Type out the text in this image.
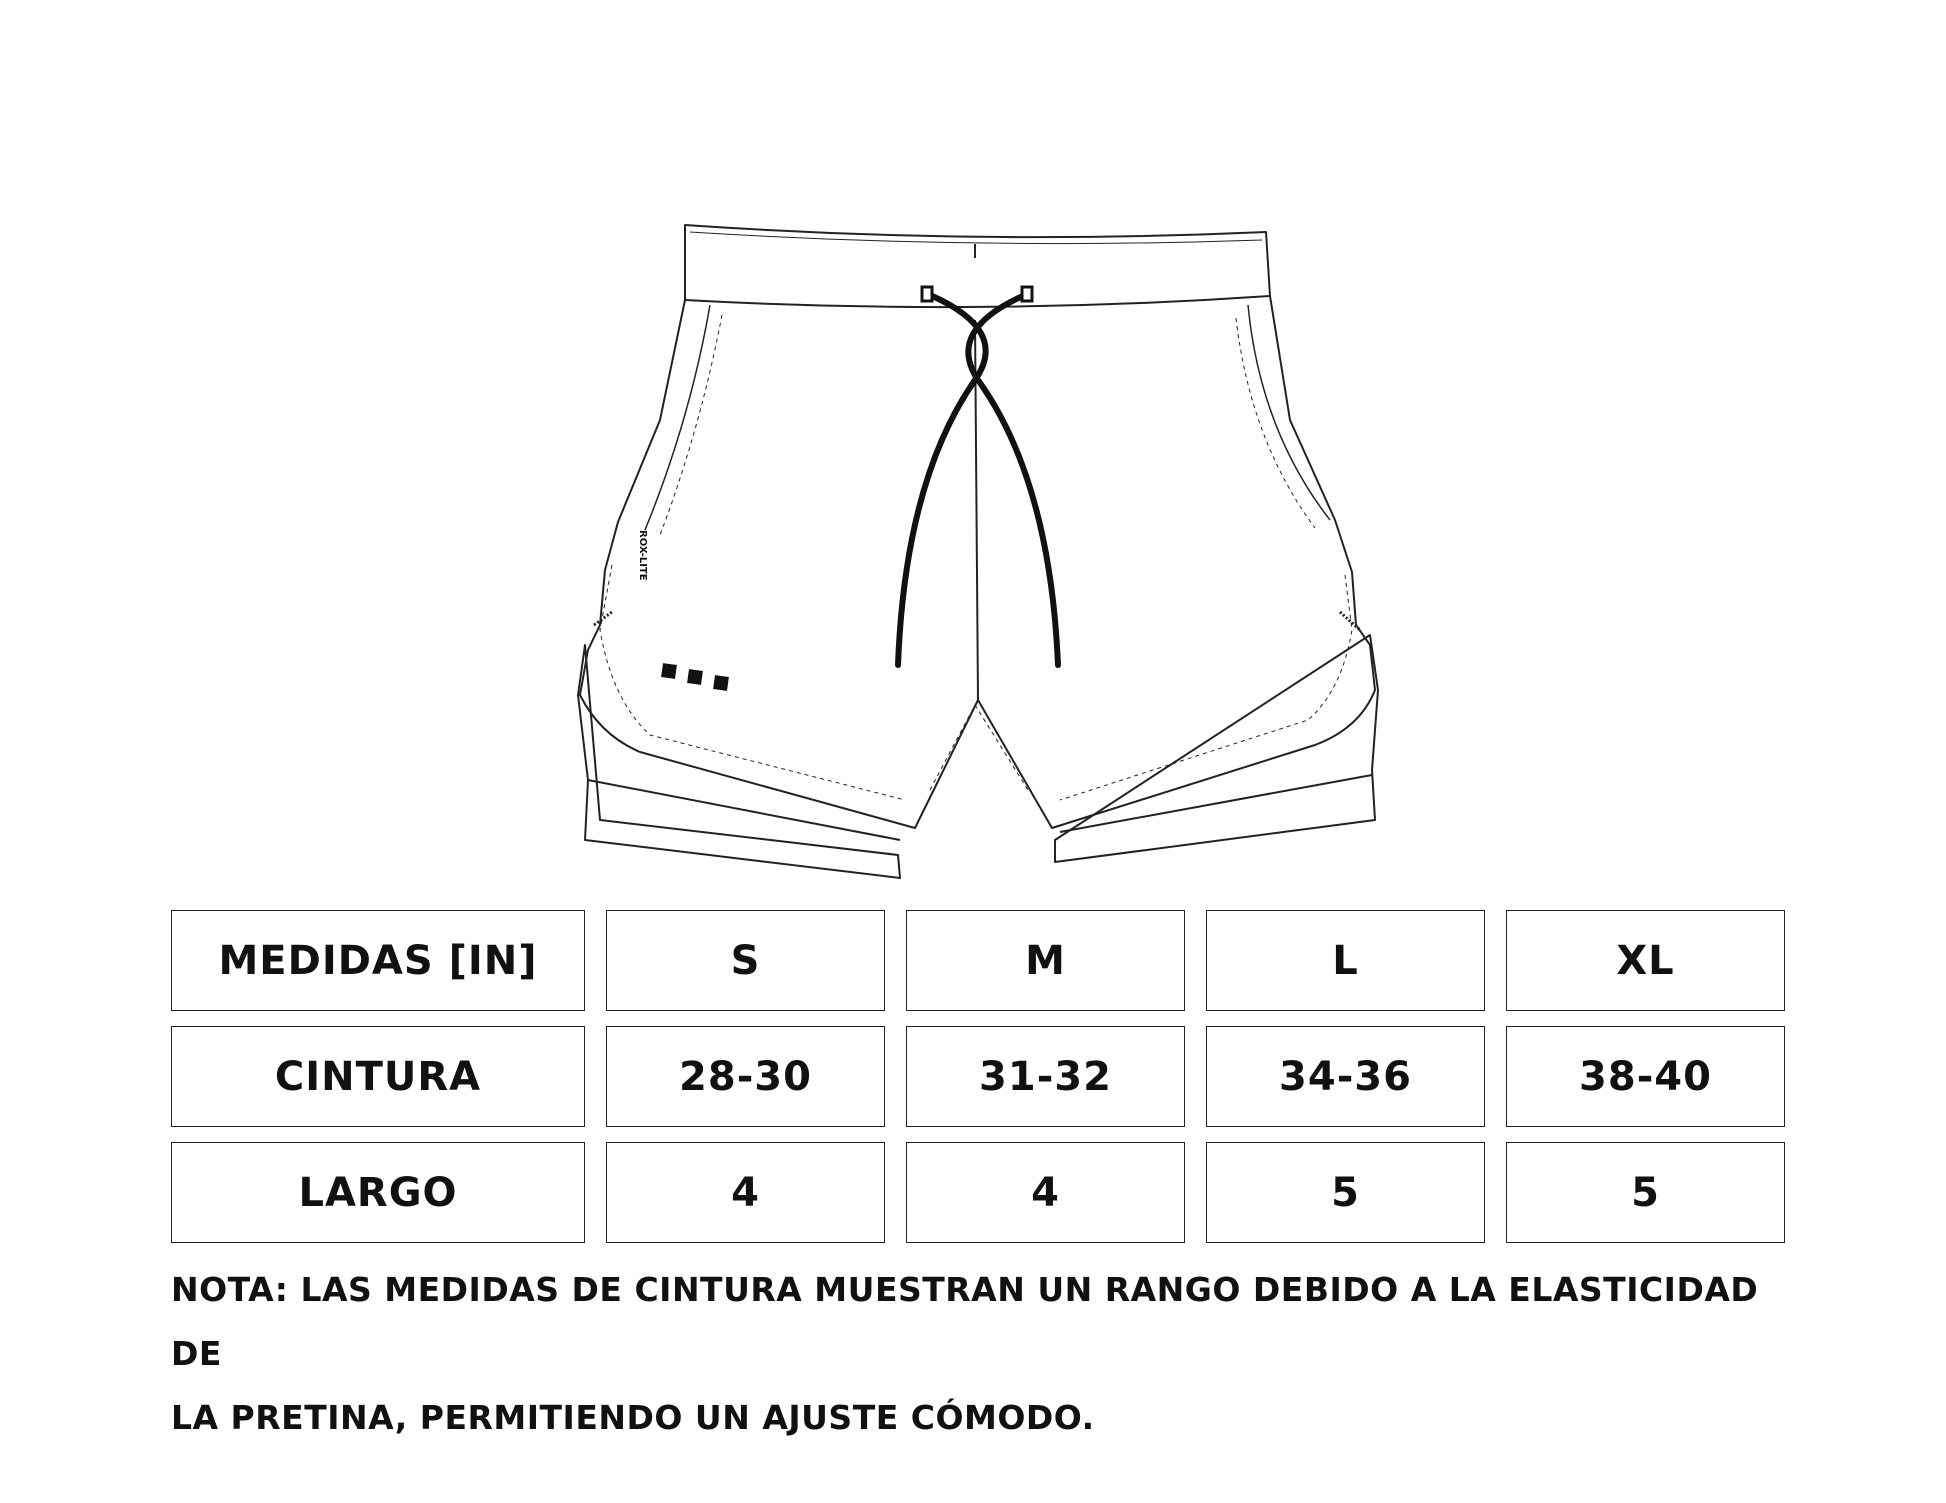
ROX-LITE
MEDIDAS [IN]	S	M	L	XL
CINTURA	28-30	31-32	34-36	38-40
LARGO	4	4	5	5
NOTA: LAS MEDIDAS DE CINTURA MUESTRAN UN RANGO DEBIDO A LA ELASTICIDAD DE
LA PRETINA, PERMITIENDO UN AJUSTE CÓMODO.
